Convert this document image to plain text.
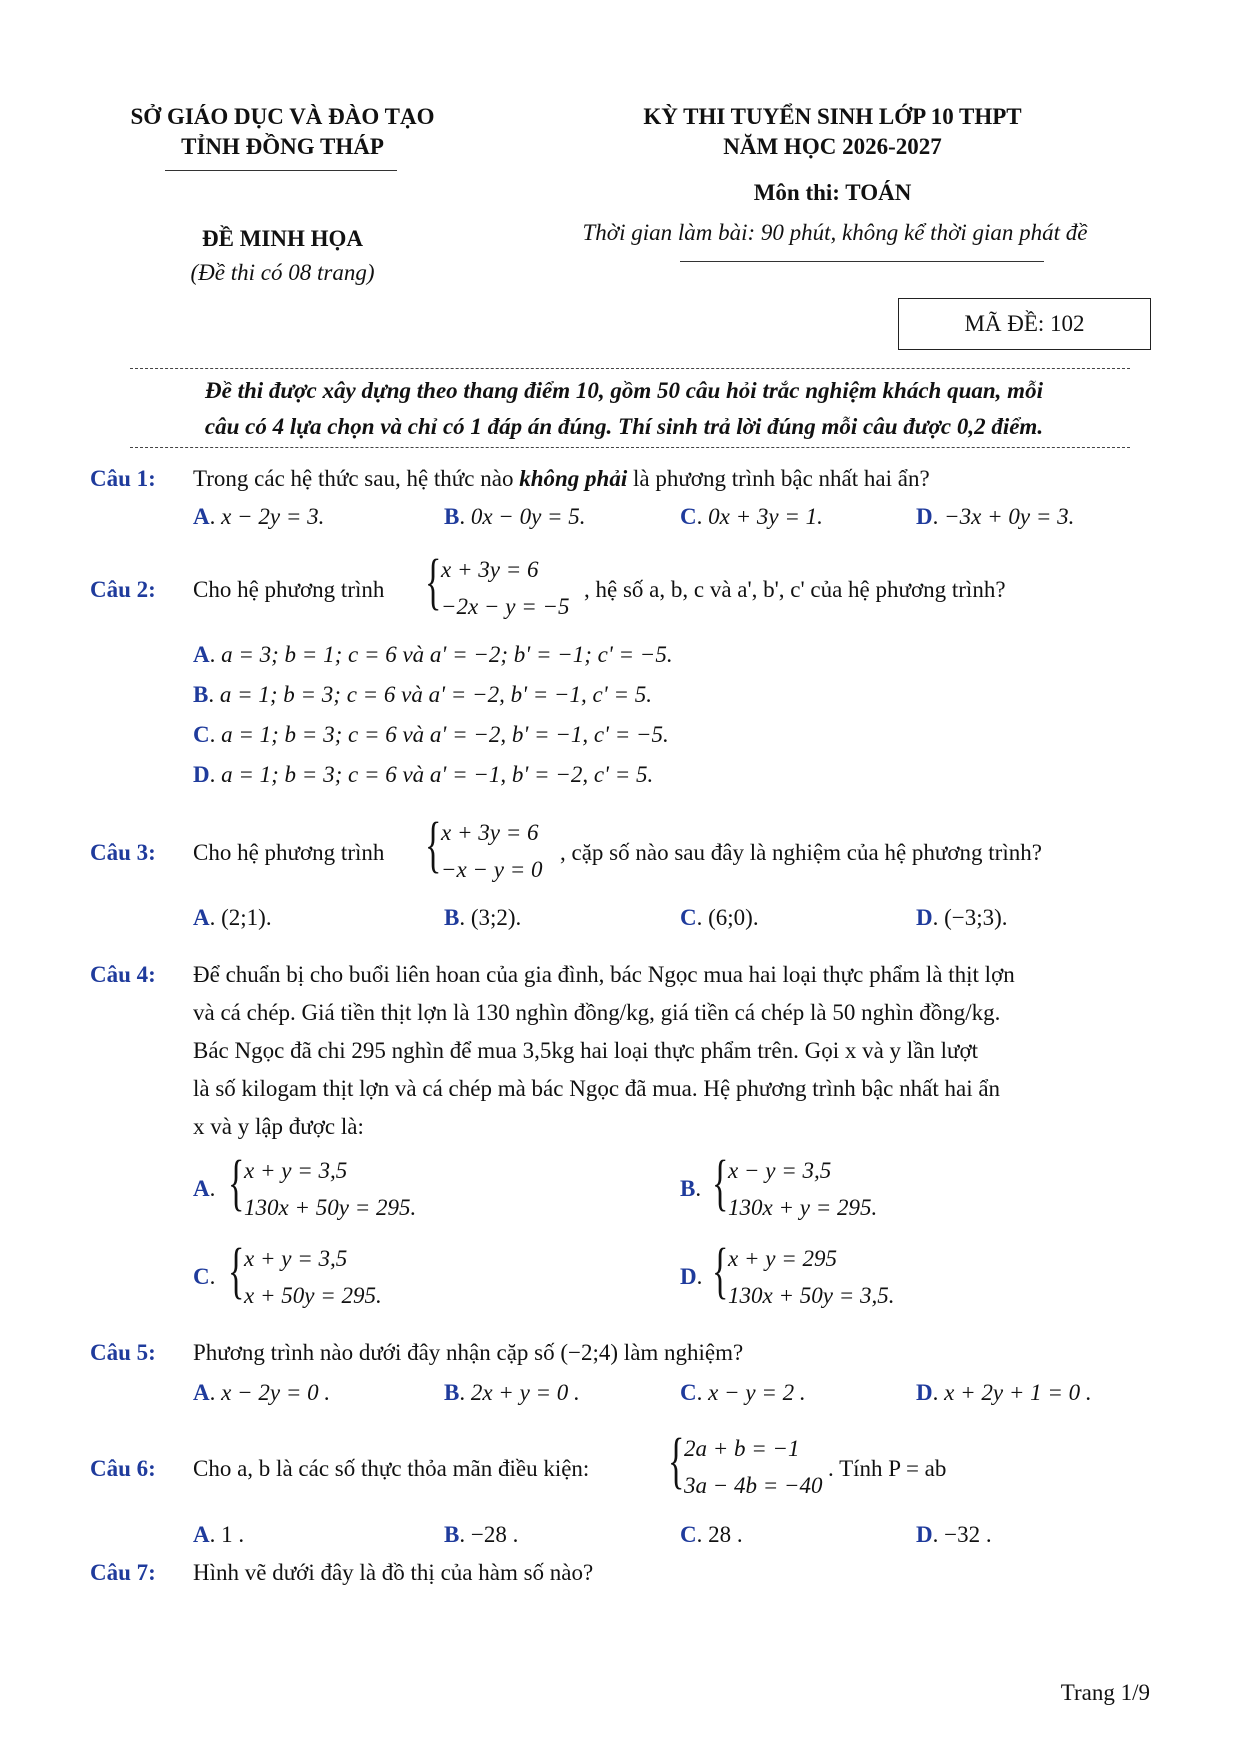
SỞ GIÁO DỤC VÀ ĐÀO TẠO
TỈNH ĐỒNG THÁP
KỲ THI TUYỂN SINH LỚP 10 THPT
NĂM HỌC 2026-2027
Môn thi: TOÁN
ĐỀ MINH HỌA
(Đề thi có 08 trang)
Thời gian làm bài: 90 phút, không kể thời gian phát đề
MÃ ĐỀ: 102
Đề thi được xây dựng theo thang điểm 10, gồm 50 câu hỏi trắc nghiệm khách quan, mỗi
câu có 4 lựa chọn và chỉ có 1 đáp án đúng. Thí sinh trả lời đúng mỗi câu được 0,2 điểm.
Câu 1: Trong các hệ thức sau, hệ thức nào không phải là phương trình bậc nhất hai ẩn?
A. x − 2y = 3.	B. 0x − 0y = 5.	C. 0x + 3y = 1.	D. −3x + 0y = 3.
Câu 2: Cho hệ phương trình { x + 3y = 6
−2x − y = −5
, hệ số a, b, c và a', b', c' của hệ phương trình?
A. a = 3; b = 1; c = 6 và a' = −2; b' = −1; c' = −5.
B. a = 1; b = 3; c = 6 và a' = −2, b' = −1, c' = 5.
C. a = 1; b = 3; c = 6 và a' = −2, b' = −1, c' = −5.
D. a = 1; b = 3; c = 6 và a' = −1, b' = −2, c' = 5.
Câu 3: Cho hệ phương trình { x + 3y = 6
−x − y = 0
, cặp số nào sau đây là nghiệm của hệ phương trình?
A. (2;1).	B. (3;2).	C. (6;0).	D. (−3;3).
Câu 4: Để chuẩn bị cho buổi liên hoan của gia đình, bác Ngọc mua hai loại thực phẩm là thịt lợn
và cá chép. Giá tiền thịt lợn là 130 nghìn đồng/kg, giá tiền cá chép là 50 nghìn đồng/kg.
Bác Ngọc đã chi 295 nghìn để mua 3,5kg hai loại thực phẩm trên. Gọi x và y lần lượt
là số kilogam thịt lợn và cá chép mà bác Ngọc đã mua. Hệ phương trình bậc nhất hai ẩn
x và y lập được là:
A. { x + y = 3,5
130x + 50y = 295.
B. { x − y = 3,5
130x + y = 295.
C. { x + y = 3,5
x + 50y = 295.
D. { x + y = 295
130x + 50y = 3,5.
Câu 5: Phương trình nào dưới đây nhận cặp số (−2;4) làm nghiệm?
A. x − 2y = 0 .	B. 2x + y = 0 .	C. x − y = 2 .	D. x + 2y + 1 = 0 .
Câu 6: Cho a, b là các số thực thỏa mãn điều kiện: { 2a + b = −1
3a − 4b = −40
. Tính P = ab
A. 1 .	B. −28 .	C. 28 .	D. −32 .
Câu 7: Hình vẽ dưới đây là đồ thị của hàm số nào?
Trang 1/9
